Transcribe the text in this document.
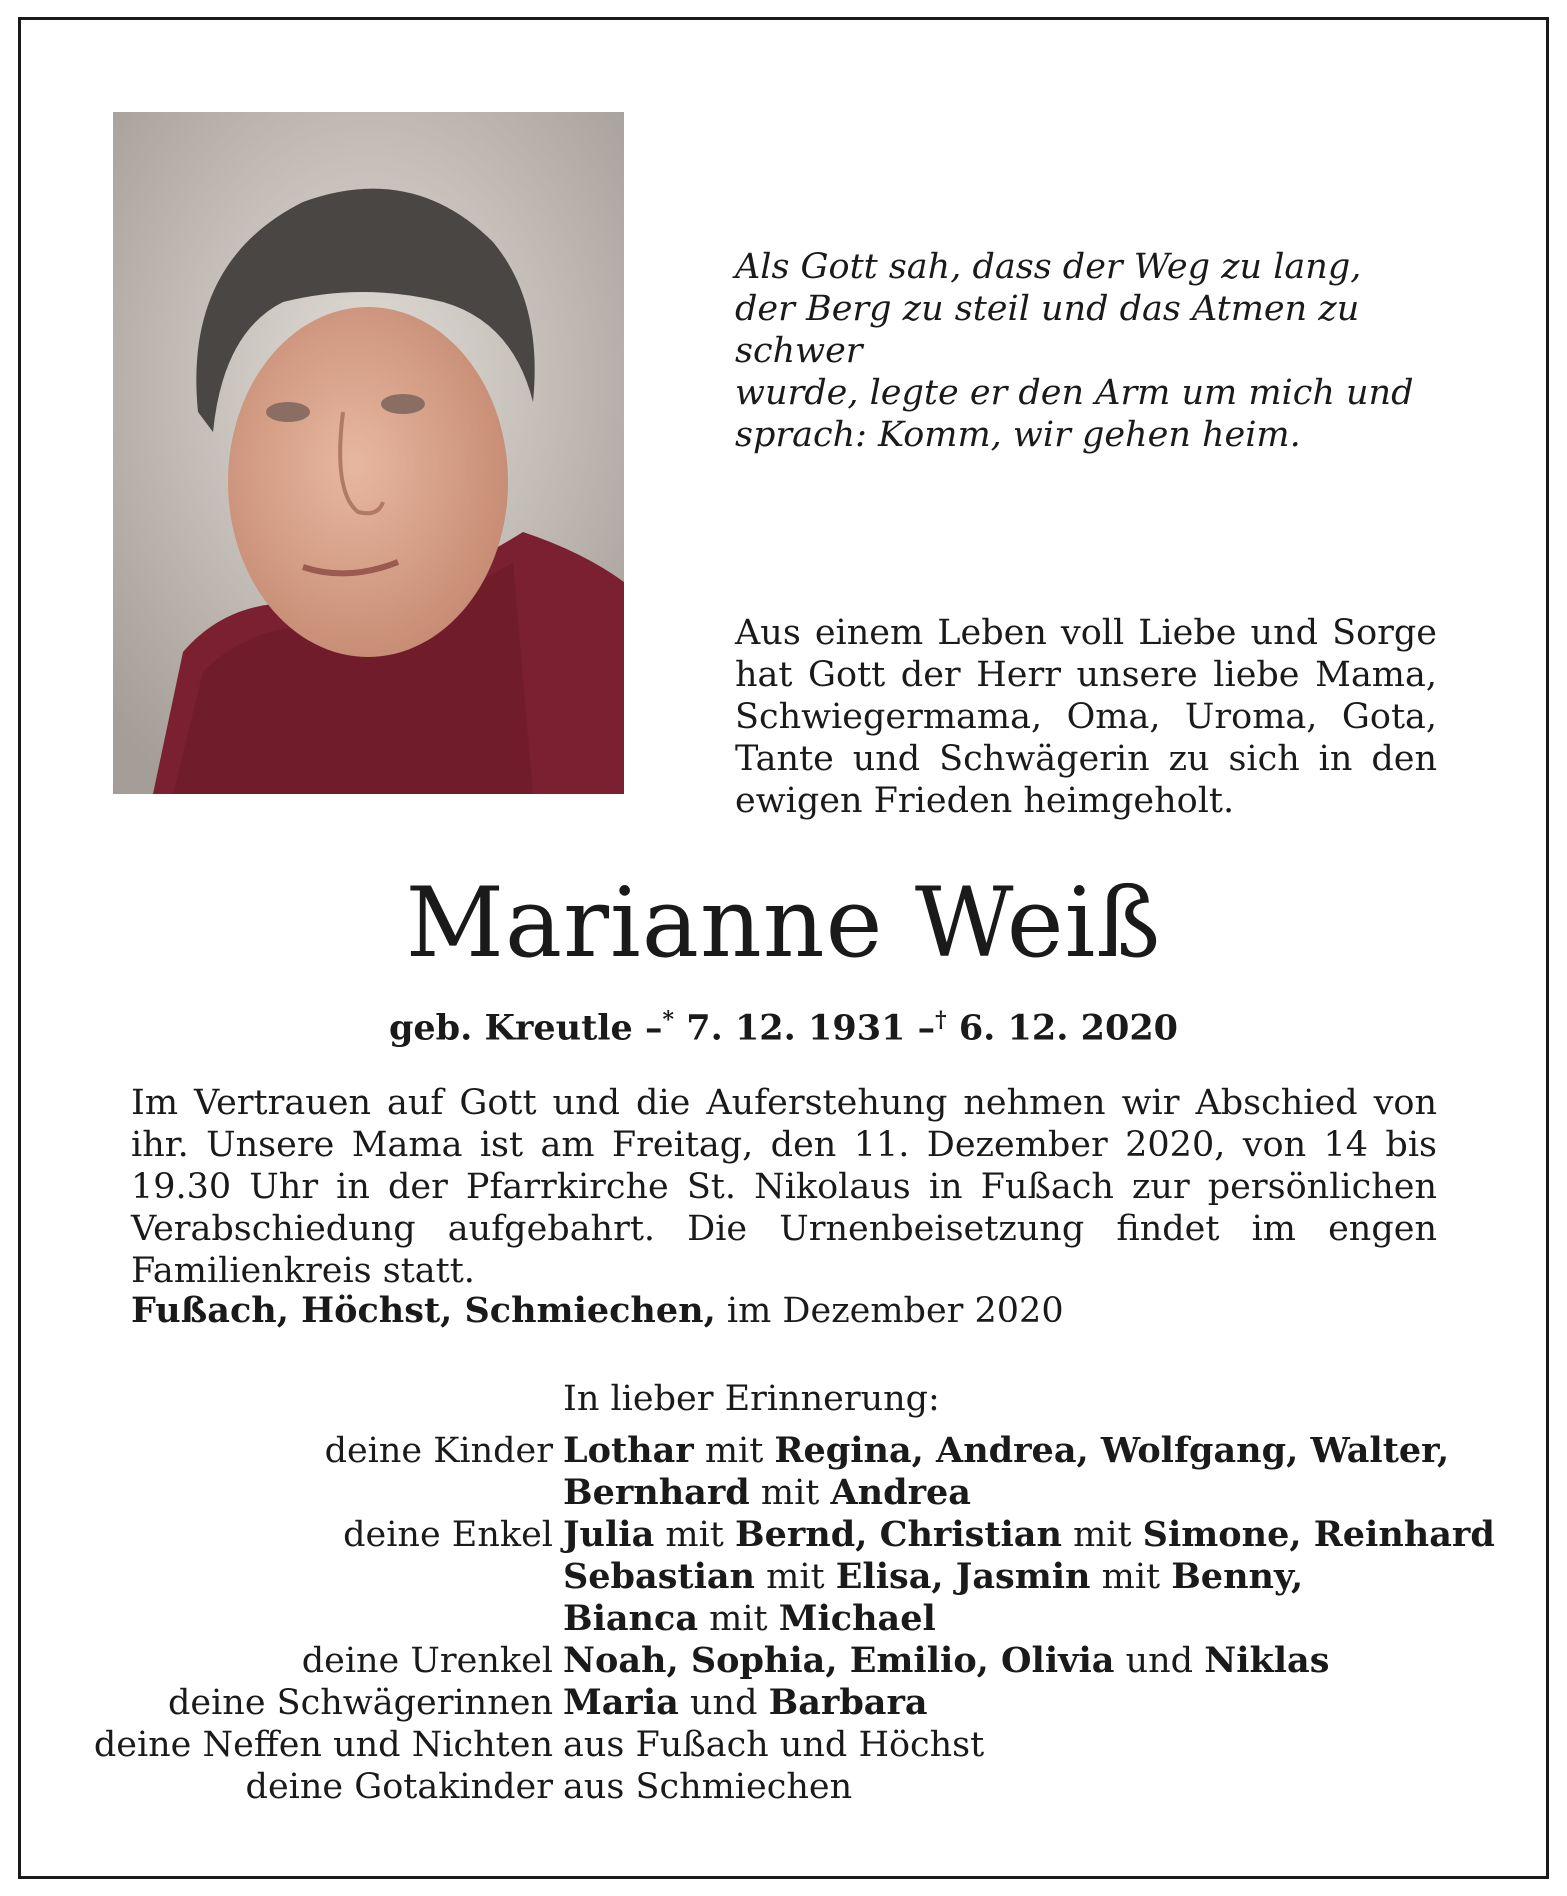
Als Gott sah, dass der Weg zu lang,
der Berg zu steil und das Atmen zu schwer
wurde, legte er den Arm um mich und
sprach: Komm, wir gehen heim.
Aus einem Leben voll Liebe und Sorge hat Gott der Herr unsere liebe Mama, Schwiegermama, Oma, Uroma, Gota, Tante und Schwägerin zu sich in den ewigen Frieden heimgeholt.
Marianne Weiß
geb. Kreutle –* 7. 12. 1931 –† 6. 12. 2020
Im Vertrauen auf Gott und die Auferstehung nehmen wir Abschied von ihr. Unsere Mama ist am Freitag, den 11. Dezember 2020, von 14 bis 19.30 Uhr in der Pfarrkirche St. Nikolaus in Fußach zur persönlichen Verabschiedung aufgebahrt. Die Urnenbeisetzung findet im engen Familienkreis statt.
Fußach, Höchst, Schmiechen, im Dezember 2020
In lieber Erinnerung:
deine Kinder Lothar mit Regina, Andrea, Wolfgang, Walter,
Bernhard mit Andrea
deine Enkel Julia mit Bernd, Christian mit Simone, Reinhard
Sebastian mit Elisa, Jasmin mit Benny,
Bianca mit Michael
deine Urenkel Noah, Sophia, Emilio, Olivia und Niklas
deine Schwägerinnen Maria und Barbara
deine Neffen und Nichten aus Fußach und Höchst
deine Gotakinder aus Schmiechen
